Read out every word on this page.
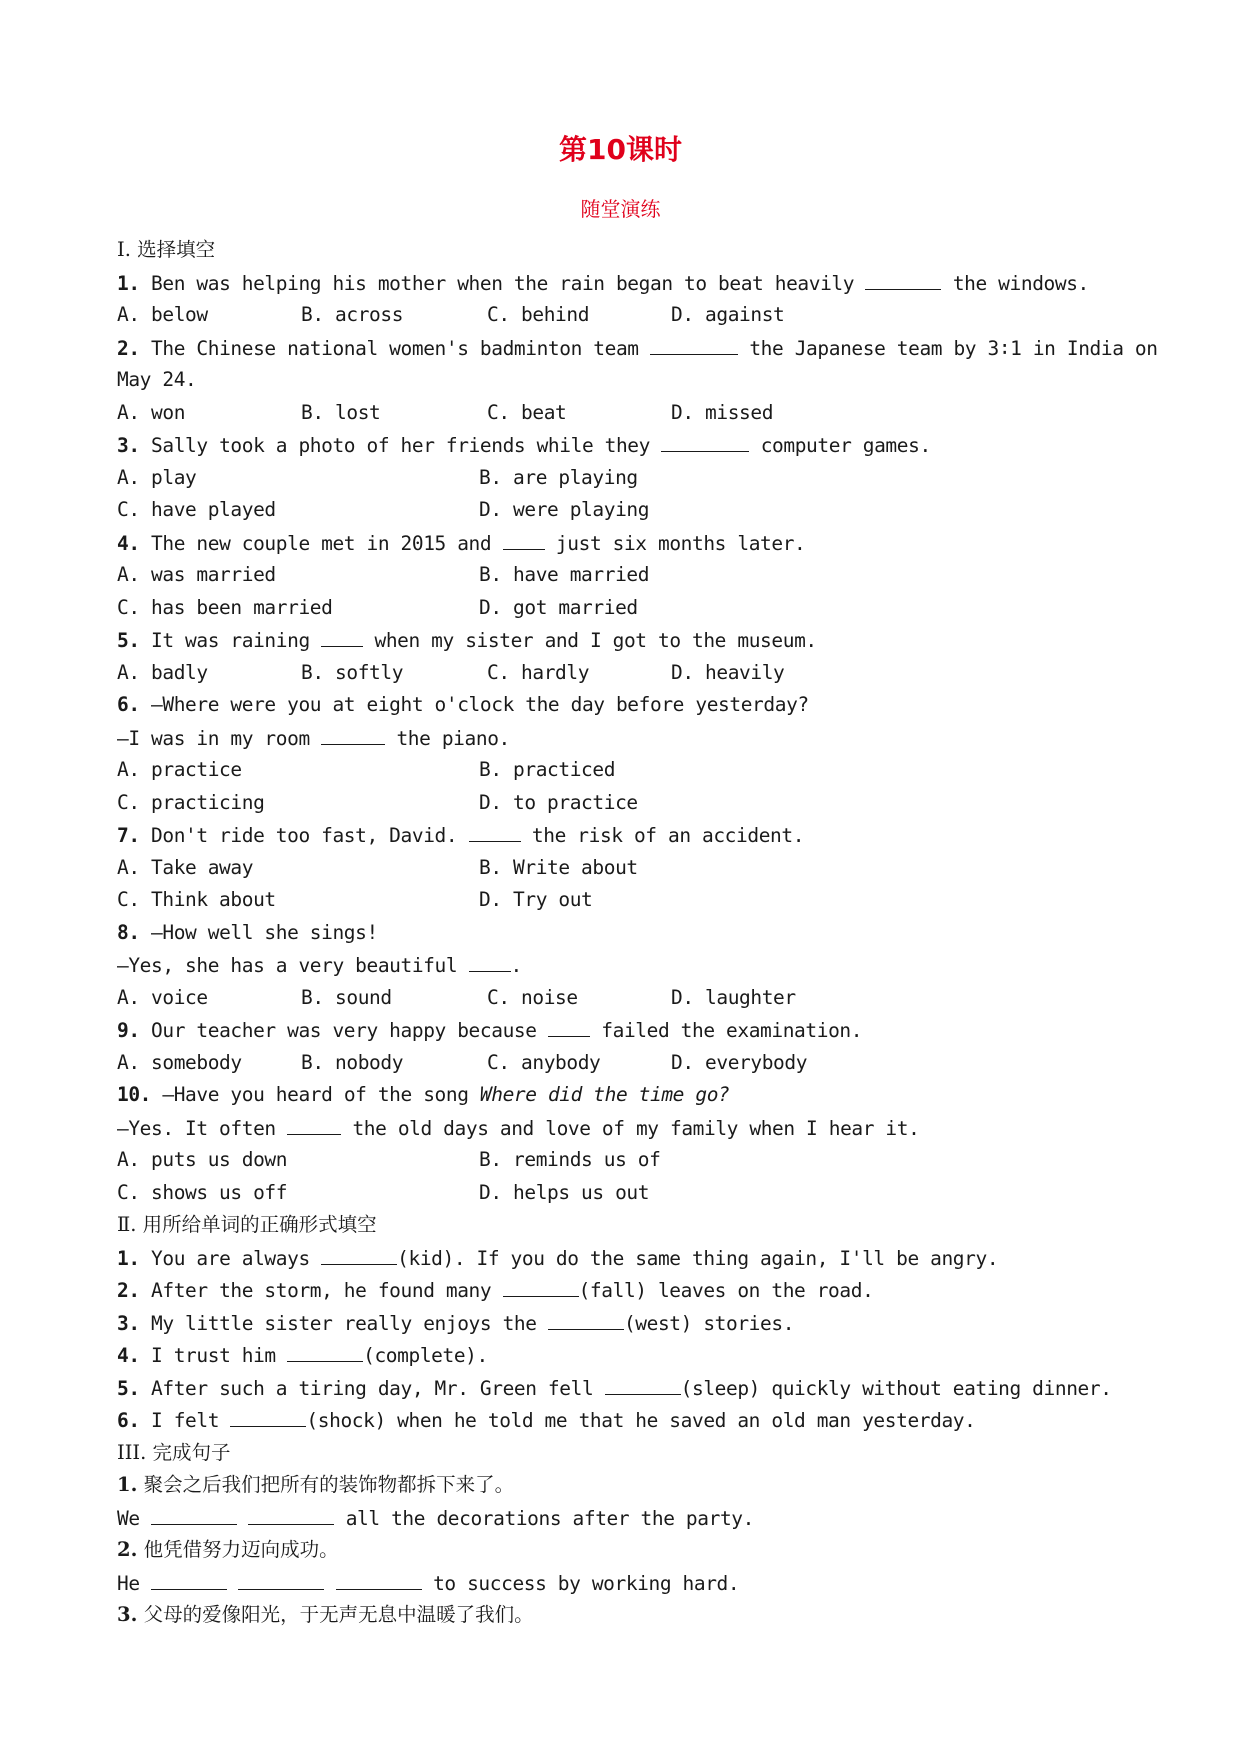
第10课时
随堂演练
Ⅰ. 选择填空
1. Ben was helping his mother when the rain began to beat heavily	the windows.
A. below	B. across	C. behind	D. against
2. The Chinese national women's badminton team	the Japanese team by 3∶1 in India on
May 24.
A. won	B. lost	C. beat	D. missed
3. Sally took a photo of her friends while they	computer games.
A. play	B. are playing
C. have played	D. were playing
4. The new couple met in 2015 and	just six months later.
A. was married	B. have married
C. has been married	D. got married
5. It was raining	when my sister and I got to the museum.
A. badly	B. softly	C. hardly	D. heavily
6. —Where were you at eight o'clock the day before yesterday?
—I was in my room	the piano.
A. practice	B. practiced
C. practicing	D. to practice
7. Don't ride too fast, David.	the risk of an accident.
A. Take away	B. Write about
C. Think about	D. Try out
8. —How well she sings!
—Yes, she has a very beautiful	.
A. voice	B. sound	C. noise	D. laughter
9. Our teacher was very happy because	failed the examination.
A. somebody	B. nobody	C. anybody	D. everybody
10. —Have you heard of the song Where did the time go?
—Yes. It often	the old days and love of my family when I hear it.
A. puts us down	B. reminds us of
C. shows us off	D. helps us out
Ⅱ. 用所给单词的正确形式填空
1. You are always	(kid). If you do the same thing again, I'll be angry.
2. After the storm, he found many	(fall) leaves on the road.
3. My little sister really enjoys the	(west) stories.
4. I trust him	(complete).
5. After such a tiring day, Mr. Green fell	(sleep) quickly without eating dinner.
6. I felt	(shock) when he told me that he saved an old man yesterday.
III. 完成句子
1. 聚会之后我们把所有的装饰物都拆下来了。
We	all the decorations after the party.
2. 他凭借努力迈向成功。
He	to success by working hard.
3. 父母的爱像阳光，于无声无息中温暖了我们。
